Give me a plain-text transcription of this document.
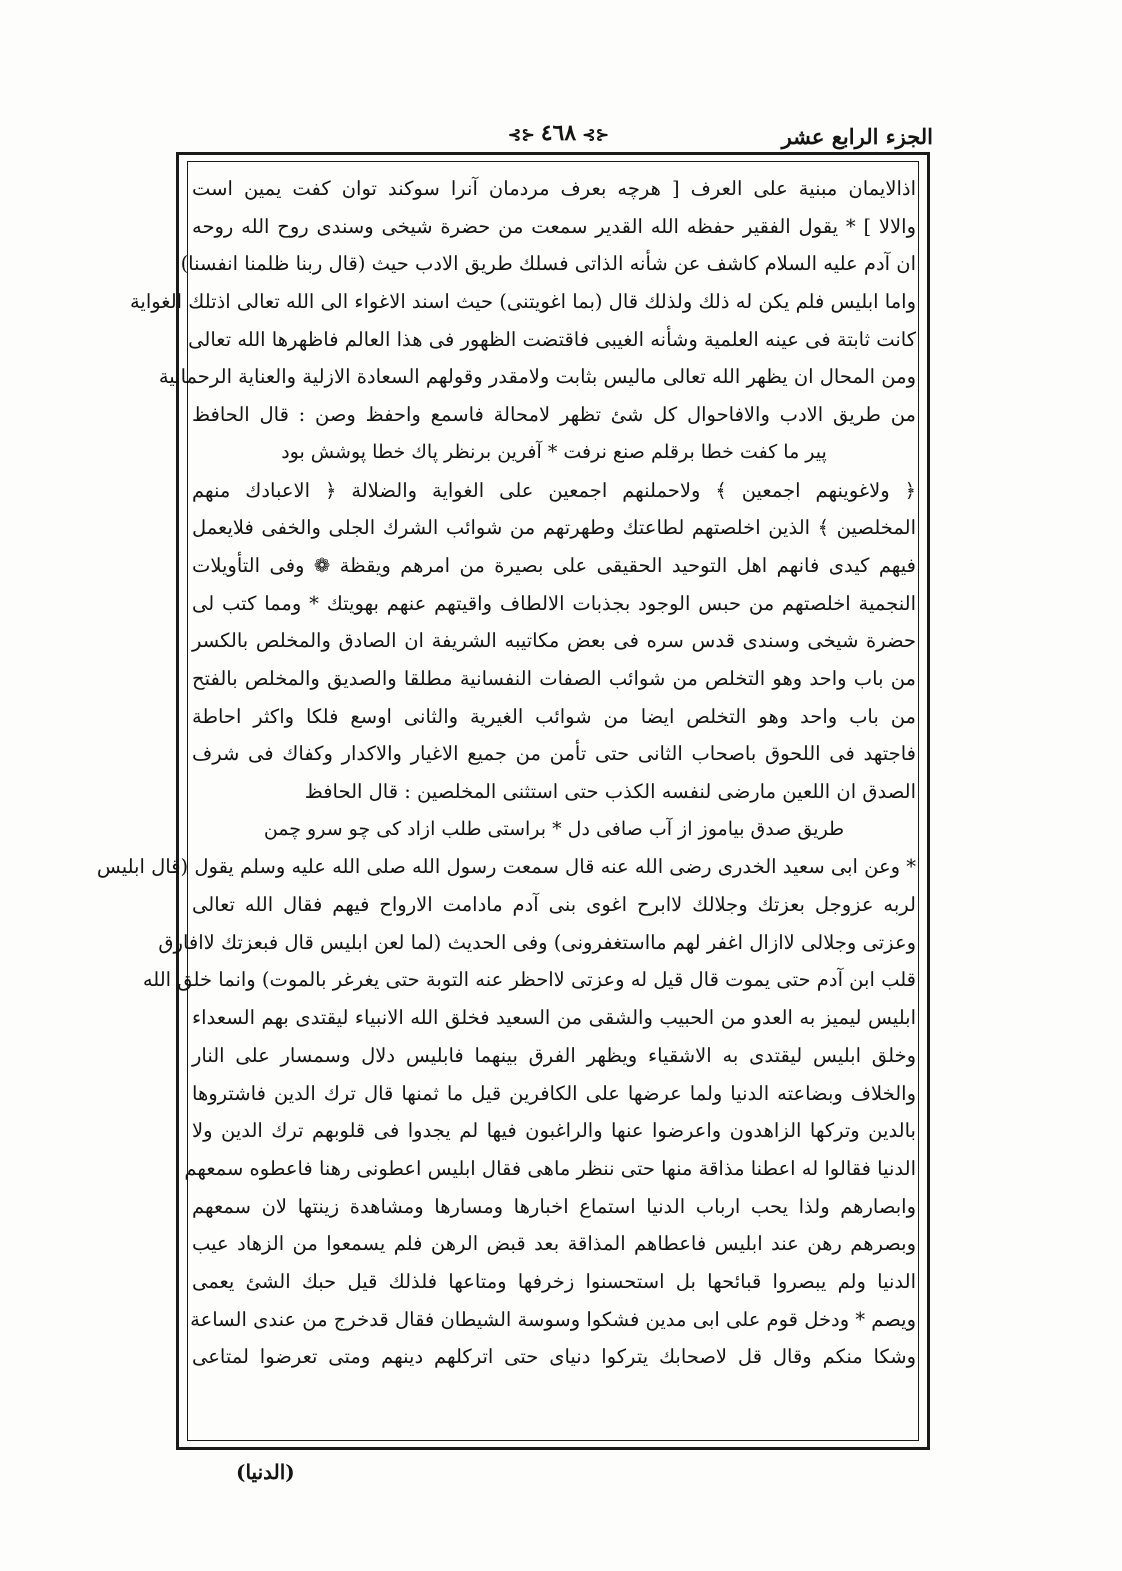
الجزء الرابع عشر
⊰⊱٤٦٨⊰⊱
اذالايمان مبنية على العرف [ هرچه بعرف مردمان آنرا سوكند توان كفت يمين است
والالا ] * يقول الفقير حفظه الله القدير سمعت من حضرة شيخى وسندى روح الله روحه
ان آدم عليه السلام كاشف عن شأنه الذاتى فسلك طريق الادب حيث (قال ربنا ظلمنا انفسنا)
واما ابليس فلم يكن له ذلك ولذلك قال (بما اغويتنى) حيث اسند الاغواء الى الله تعالى اذتلك الغواية
كانت ثابتة فى عينه العلمية وشأنه الغيبى فاقتضت الظهور فى هذا العالم فاظهرها الله تعالى
ومن المحال ان يظهر الله تعالى ماليس بثابت ولامقدر وقولهم السعادة الازلية والعناية الرحمانية
من طريق الادب والافاحوال كل شئ تظهر لامحالة فاسمع واحفظ وصن : قال الحافظ
پير ما كفت خطا برقلم صنع نرفت * آفرين برنظر پاك خطا پوشش بود
﴿ ولاغوينهم اجمعين ﴾ ولاحملنهم اجمعين على الغواية والضلالة ﴿ الاعبادك منهم
المخلصين ﴾ الذين اخلصتهم لطاعتك وطهرتهم من شوائب الشرك الجلى والخفى فلايعمل
فيهم كيدى فانهم اهل التوحيد الحقيقى على بصيرة من امرهم ويقظة ❁ وفى التأويلات
النجمية اخلصتهم من حبس الوجود بجذبات الالطاف واقيتهم عنهم بهويتك * ومما كتب لى
حضرة شيخى وسندى قدس سره فى بعض مكاتيبه الشريفة ان الصادق والمخلص بالكسر
من باب واحد وهو التخلص من شوائب الصفات النفسانية مطلقا والصديق والمخلص بالفتح
من باب واحد وهو التخلص ايضا من شوائب الغيرية والثانى اوسع فلكا واكثر احاطة
فاجتهد فى اللحوق باصحاب الثانى حتى تأمن من جميع الاغيار والاكدار وكفاك فى شرف
الصدق ان اللعين مارضى لنفسه الكذب حتى استثنى المخلصين : قال الحافظ
طريق صدق بياموز از آب صافى دل * براستى طلب ازاد كى چو سرو چمن
* وعن ابى سعيد الخدرى رضى الله عنه قال سمعت رسول الله صلى الله عليه وسلم يقول (قال ابليس
لربه عزوجل بعزتك وجلالك لاابرح اغوى بنى آدم مادامت الارواح فيهم فقال الله تعالى
وعزتى وجلالى لاازال اغفر لهم مااستغفرونى) وفى الحديث (لما لعن ابليس قال فبعزتك لاافارق
قلب ابن آدم حتى يموت قال قيل له وعزتى لااحظر عنه التوبة حتى يغرغر بالموت) وانما خلق الله
ابليس ليميز به العدو من الحبيب والشقى من السعيد فخلق الله الانبياء ليقتدى بهم السعداء
وخلق ابليس ليقتدى به الاشقياء ويظهر الفرق بينهما فابليس دلال وسمسار على النار
والخلاف وبضاعته الدنيا ولما عرضها على الكافرين قيل ما ثمنها قال ترك الدين فاشتروها
بالدين وتركها الزاهدون واعرضوا عنها والراغبون فيها لم يجدوا فى قلوبهم ترك الدين ولا
الدنيا فقالوا له اعطنا مذاقة منها حتى ننظر ماهى فقال ابليس اعطونى رهنا فاعطوه سمعهم
وابصارهم ولذا يحب ارباب الدنيا استماع اخبارها ومسارها ومشاهدة زينتها لان سمعهم
وبصرهم رهن عند ابليس فاعطاهم المذاقة بعد قبض الرهن فلم يسمعوا من الزهاد عيب
الدنيا ولم يبصروا قبائحها بل استحسنوا زخرفها ومتاعها فلذلك قيل حبك الشئ يعمى
ويصم * ودخل قوم على ابى مدين فشكوا وسوسة الشيطان فقال قدخرج من عندى الساعة
وشكا منكم وقال قل لاصحابك يتركوا دنياى حتى اتركلهم دينهم ومتى تعرضوا لمتاعى
(الدنيا)
